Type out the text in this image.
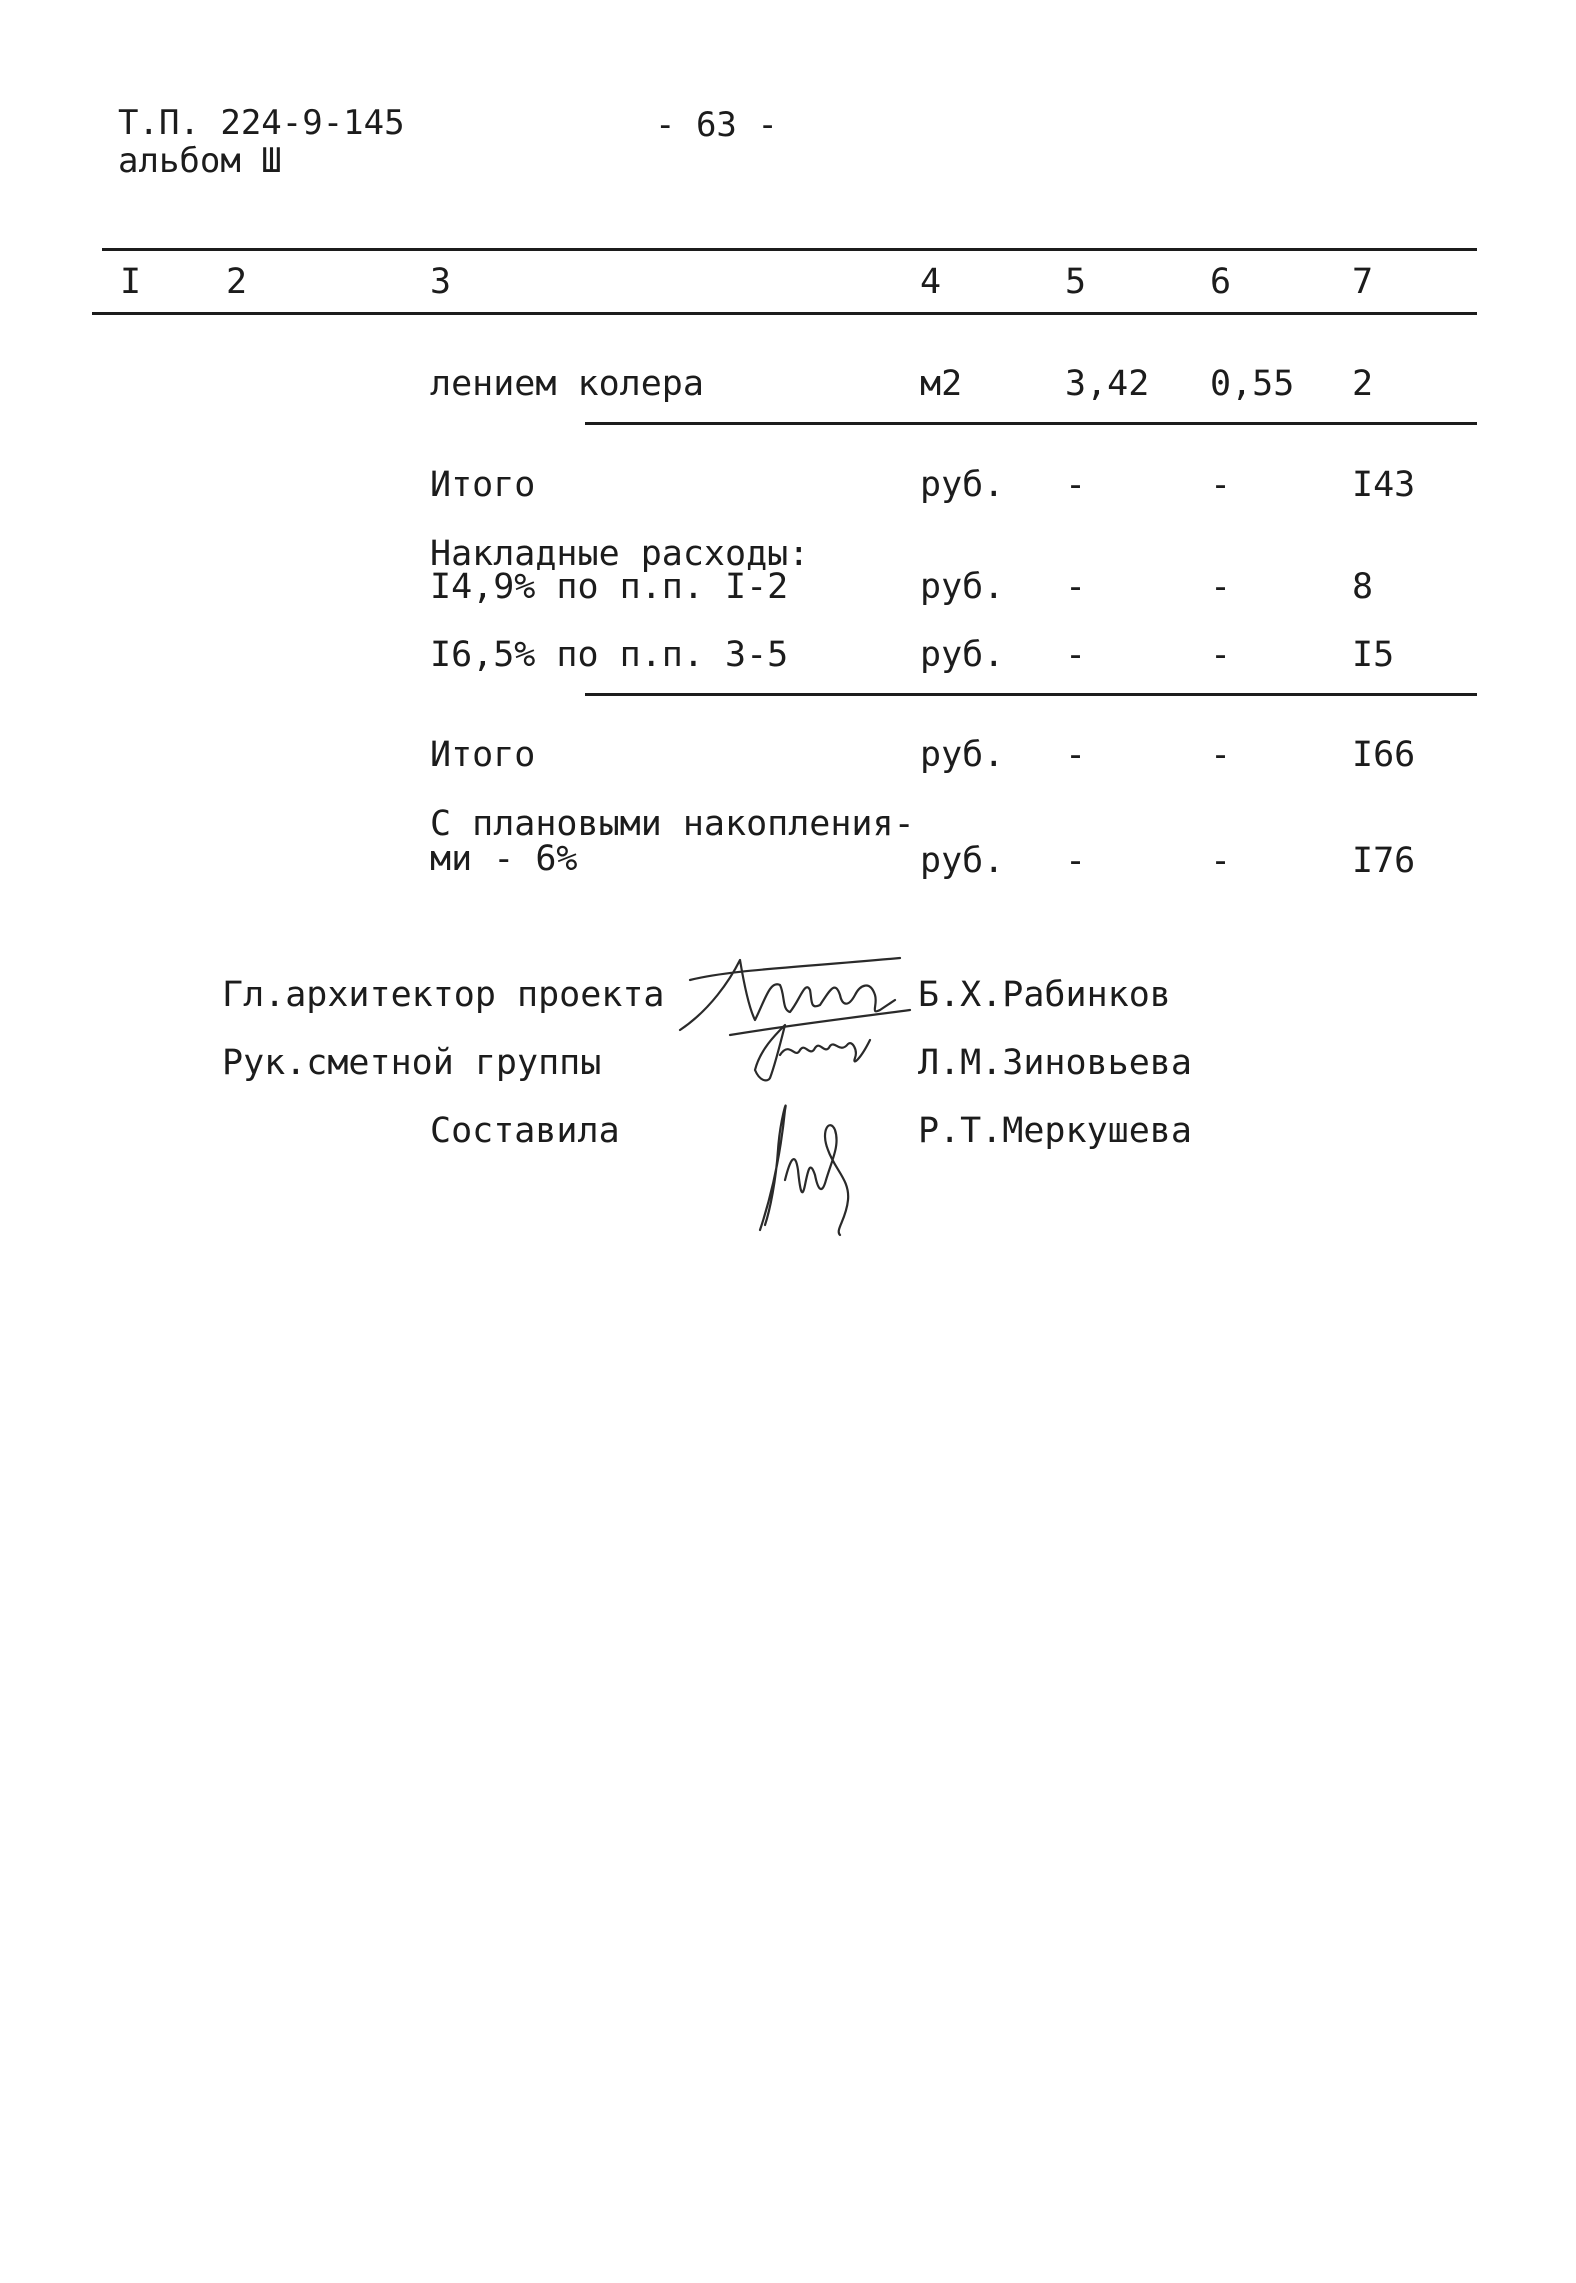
Т.П. 224-9-145
альбом Ш
- 63 -
I 2	3	4	5	6	7
лением колера	м2	3,42 0,55 2
Итого	руб. -	-	I43
Накладные расходы:
I4,9% по п.п. I-2	руб. -	-	8
I6,5% по п.п. 3-5	руб. -	-	I5
Итого	руб. -	-	I66
С плановыми накопления-
ми - 6%	руб. -	-	I76
Гл.архитектор проекта	Б.Х.Рабинков
Рук.сметной группы	Л.М.Зиновьева
Составила	Р.Т.Меркушева
